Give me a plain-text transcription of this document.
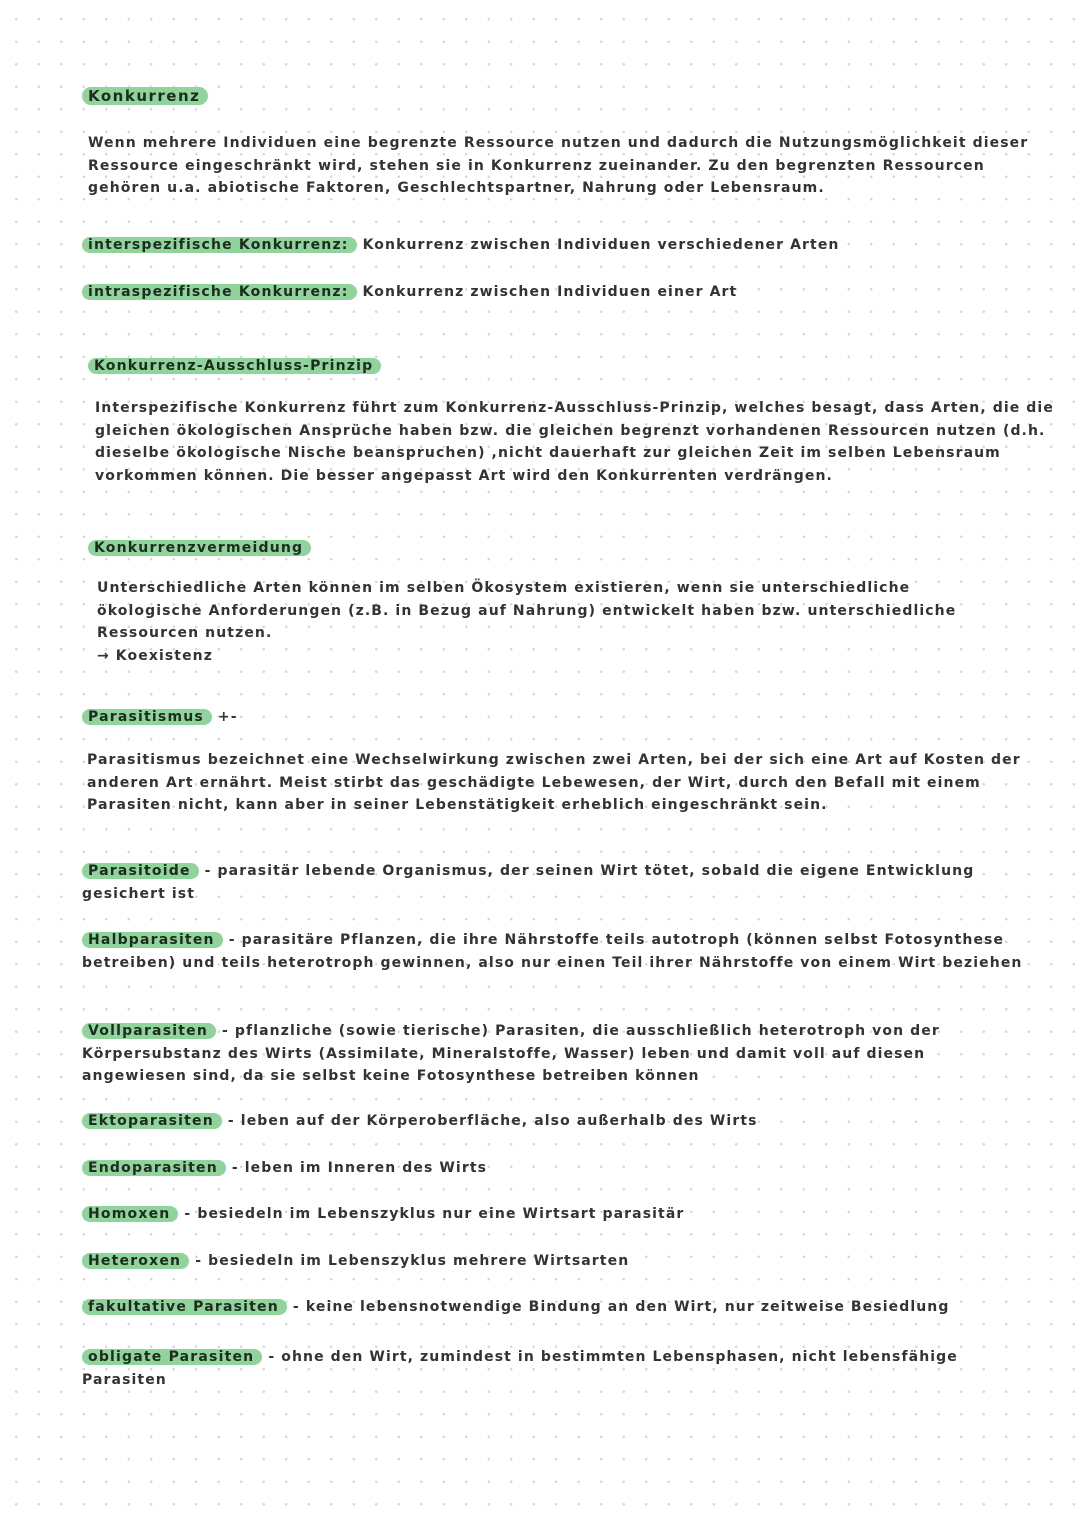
Konkurrenz

Wenn mehrere Individuen eine begrenzte Ressource nutzen und dadurch die Nutzungsmöglichkeit dieser Ressource eingeschränkt wird, stehen sie in Konkurrenz zueinander. Zu den begrenzten Ressourcen gehören u.a. abiotische Faktoren, Geschlechtspartner, Nahrung oder Lebensraum.

interspezifische Konkurrenz: Konkurrenz zwischen Individuen verschiedener Arten
intraspezifische Konkurrenz: Konkurrenz zwischen Individuen einer Art
Konkurrenz-Ausschluss-Prinzip

Interspezifische Konkurrenz führt zum Konkurrenz-Ausschluss-Prinzip, welches besagt, dass Arten, die die gleichen ökologischen Ansprüche haben bzw. die gleichen begrenzt vorhandenen Ressourcen nutzen (d.h. dieselbe ökologische Nische beanspruchen) ,nicht dauerhaft zur gleichen Zeit im selben Lebensraum vorkommen können. Die besser angepasst Art wird den Konkurrenten verdrängen.

Konkurrenzvermeidung

Unterschiedliche Arten können im selben Ökosystem existieren, wenn sie unterschiedliche ökologische Anforderungen (z.B. in Bezug auf Nahrung) entwickelt haben bzw. unterschiedliche Ressourcen nutzen.

→ Koexistenz
Parasitismus +-

Parasitismus bezeichnet eine Wechselwirkung zwischen zwei Arten, bei der sich eine Art auf Kosten der anderen Art ernährt. Meist stirbt das geschädigte Lebewesen, der Wirt, durch den Befall mit einem Parasiten nicht, kann aber in seiner Lebenstätigkeit erheblich eingeschränkt sein.

Parasitoide - parasitär lebende Organismus, der seinen Wirt tötet, sobald die eigene Entwicklung gesichert ist
Halbparasiten - parasitäre Pflanzen, die ihre Nährstoffe teils autotroph (können selbst Fotosynthese betreiben) und teils heterotroph gewinnen, also nur einen Teil ihrer Nährstoffe von einem Wirt beziehen
Vollparasiten - pflanzliche (sowie tierische) Parasiten, die ausschließlich heterotroph von der Körpersubstanz des Wirts (Assimilate, Mineralstoffe, Wasser) leben und damit voll auf diesen angewiesen sind, da sie selbst keine Fotosynthese betreiben können
Ektoparasiten - leben auf der Körperoberfläche, also außerhalb des Wirts
Endoparasiten - leben im Inneren des Wirts
Homoxen - besiedeln im Lebenszyklus nur eine Wirtsart parasitär
Heteroxen - besiedeln im Lebenszyklus mehrere Wirtsarten
fakultative Parasiten - keine lebensnotwendige Bindung an den Wirt, nur zeitweise Besiedlung
obligate Parasiten - ohne den Wirt, zumindest in bestimmten Lebensphasen, nicht lebensfähige Parasiten
